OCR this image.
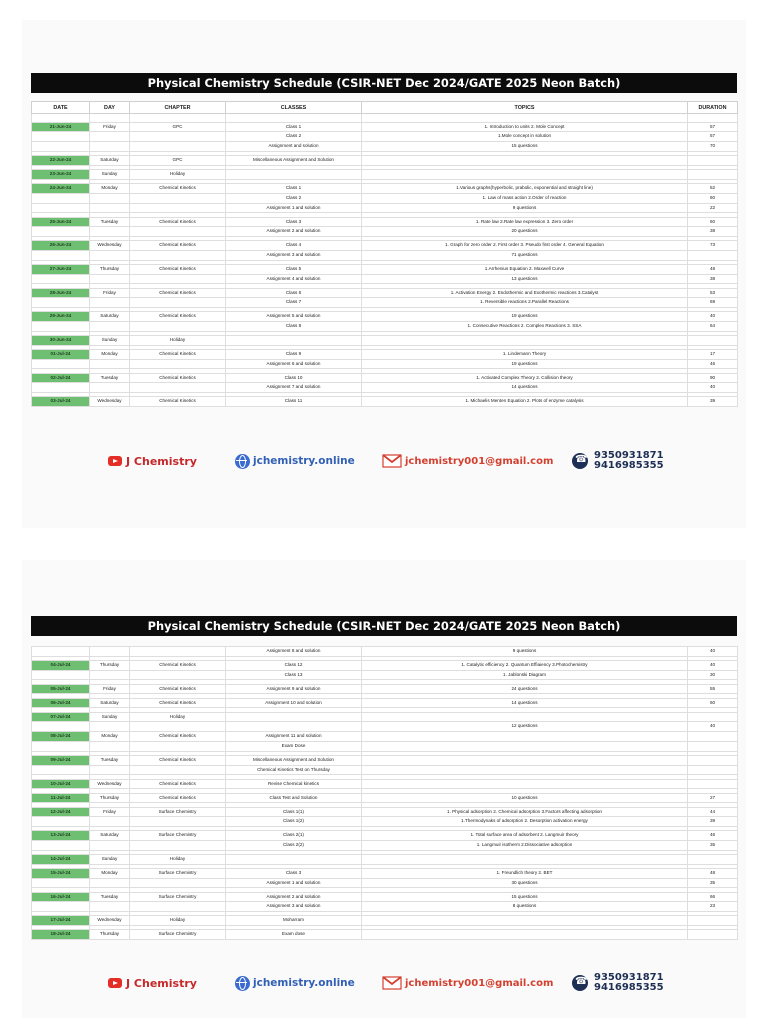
Physical Chemistry Schedule (CSIR-NET Dec 2024/GATE 2025 Neon Batch)
DATE	DAY	CHAPTER	CLASSES	TOPICS	DURATION

21-Jun-24	Friday	GPC	Class 1	1. Introduction to units 2. Mole Concept	57
			Class 2	1.Mole concept in solution	57
			Assignment and solution	15 questions	70

22-Jun-24	Saturday	GPC	Miscellaneous Assignment and Solution		

23-Jun-24	Sunday	Holiday			

24-Jun-24	Monday	Chemical Kinetics	Class 1	1.Various graphs(hyperbolic, prabolic, exponential and straight line)	52
			Class 2	1. Law of mass action 2.Order of reaction	60
			Assignment 1 and solution	9 questions	22

25-Jun-24	Tuesday	Chemical Kinetics	Class 3	1. Rate law 2.Rate law expression 3. Zero order	60
			Assignment 2 and solution	20 questions	38

26-Jun-24	Wednesday	Chemical Kinetics	Class 4	1. Graph for zero order 2. First order 3. Pseudo first order 4. General Equation	73
			Assignment 3 and solution	71 questions	

27-Jun-24	Thursday	Chemical Kinetics	Class 5	1.Arrhenius Equation 2. Maxwell Curve	48
			Assignment 4 and solution	13 questions	38

28-Jun-24	Friday	Chemical Kinetics	Class 6	1. Activation Energy 2. Endothermic and Exothermic reactions 3.Catalyst	53
			Class 7	1. Reversible reactions 2.Parallel Reactions	69

29-Jun-24	Saturday	Chemical Kinetics	Assignment 5 and solution	19 questions	40
			Class 8	1. Consecutive Reactions 2. Complex Reactions 3. SSA	64

30-Jun-24	Sunday	Holiday			

01-Jul-24	Monday	Chemical Kinetics	Class 9	1. Lindemann Theory	17
			Assignment 6 and solution	19 questions	46

02-Jul-24	Tuesday	Chemical Kinetics	Class 10	1. Activated Complex Theory 2. Collision theory	90
			Assignment 7 and solution	14 questions	40

03-Jul-24	Wednesday	Chemical Kinetics	Class 11	1. Michaelis Menten Equation 2. Plots of enzyme catalysis	39
J Chemistry	jchemistry.online	jchemistry001@gmail.com ☎	9350931871
9416985355
Physical Chemistry Schedule (CSIR-NET Dec 2024/GATE 2025 Neon Batch)
			Assignment 8 and solution	9 questions	40

04-Jul-24	Thursday	Chemical Kinetics	Class 12	1. Catalytic efficiency 2. Quantum Effiaiency 3.Photochemistry	40
			Class 13	1. Jablonski Diagram	30

05-Jul-24	Friday	Chemical Kinetics	Assignment 9 and solution	24 questions	55

06-Jul-24	Saturday	Chemical Kinetics	Assignment 10 and solution	14 questions	60

07-Jul-24	Sunday	Holiday			
				12 questions	40
08-Jul-24	Monday	Chemical Kinetics	Assignment 11 and solution		
			Exam Dose		

09-Jul-24	Tuesday	Chemical Kinetics	Miscellaneous Assignment and Solution		
			Chemical Kinetics Test on Thursday		

10-Jul-24	Wednesday	Chemical Kinetics	Revise Chemical kinetics		

11-Jul-24	Thursday	Chemical Kinetics	Class Test and Solution	10 questions	27

12-Jul-24	Friday	Surface Chemistry	Class 1(1)	1. Physical adsorption 2. Chemical adsorption 3.Factors affecting adsorption	44
			Class 1(2)	1.Thermodynaks of adsorption 2. Desorption activation energy	39

13-Jul-24	Saturday	Surface Chemistry	Class 2(1)	1. Total surface area of adsorbent 2. Langmuir theory	46
			Class 2(2)	1. Langmuir isotherm 2.Dissociative adsorption	35

14-Jul-24	Sunday	Holiday			

15-Jul-24	Monday	Surface Chemistry	Class 3	1. Freundlich theory 2. BET	48
			Assignment 1 and solution	30 questions	35

16-Jul-24	Tuesday	Surface Chemistry	Assignment 2 and solution	15 questions	66
			Assignment 3 and solution	8 questions	23

17-Jul-24	Wednesday	Holiday	Moharram		

18-Jul-24	Thursday	Surface Chemistry	Exam dose		
J Chemistry	jchemistry.online	jchemistry001@gmail.com ☎	9350931871
9416985355
